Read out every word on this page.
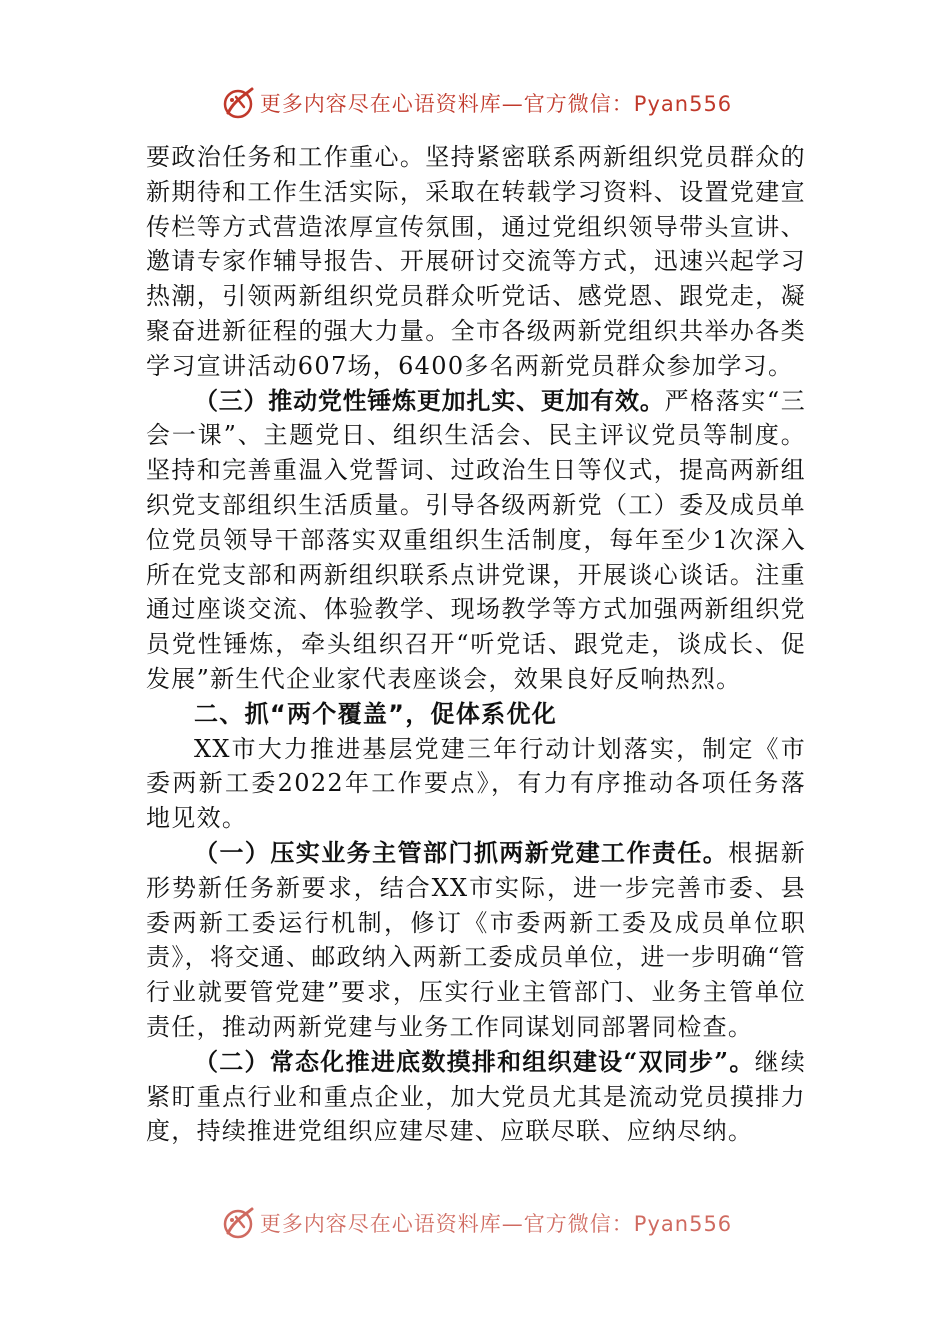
更多内容尽在心语资料库—官方微信：Pyan556

要政治任务和工作重心。坚持紧密联系两新组织党员群众的新期待和工作生活实际，采取在转载学习资料、设置党建宣传栏等方式营造浓厚宣传氛围，通过党组织领导带头宣讲、邀请专家作辅导报告、开展研讨交流等方式，迅速兴起学习热潮，引领两新组织党员群众听党话、感党恩、跟党走，凝聚奋进新征程的强大力量。全市各级两新党组织共举办各类学习宣讲活动607场，6400多名两新党员群众参加学习。

（三）推动党性锤炼更加扎实、更加有效。严格落实“三会一课”、主题党日、组织生活会、民主评议党员等制度。坚持和完善重温入党誓词、过政治生日等仪式，提高两新组织党支部组织生活质量。引导各级两新党（工）委及成员单位党员领导干部落实双重组织生活制度，每年至少1次深入所在党支部和两新组织联系点讲党课，开展谈心谈话。注重通过座谈交流、体验教学、现场教学等方式加强两新组织党员党性锤炼，牵头组织召开“听党话、跟党走，谈成长、促发展”新生代企业家代表座谈会，效果良好反响热烈。

二、抓“两个覆盖”，促体系优化

XX市大力推进基层党建三年行动计划落实，制定《市委两新工委2022年工作要点》，有力有序推动各项任务落地见效。

（一）压实业务主管部门抓两新党建工作责任。根据新形势新任务新要求，结合XX市实际，进一步完善市委、县委两新工委运行机制，修订《市委两新工委及成员单位职责》，将交通、邮政纳入两新工委成员单位，进一步明确“管行业就要管党建”要求，压实行业主管部门、业务主管单位责任，推动两新党建与业务工作同谋划同部署同检查。

（二）常态化推进底数摸排和组织建设“双同步”。继续紧盯重点行业和重点企业，加大党员尤其是流动党员摸排力度，持续推进党组织应建尽建、应联尽联、应纳尽纳。

更多内容尽在心语资料库—官方微信：Pyan556
